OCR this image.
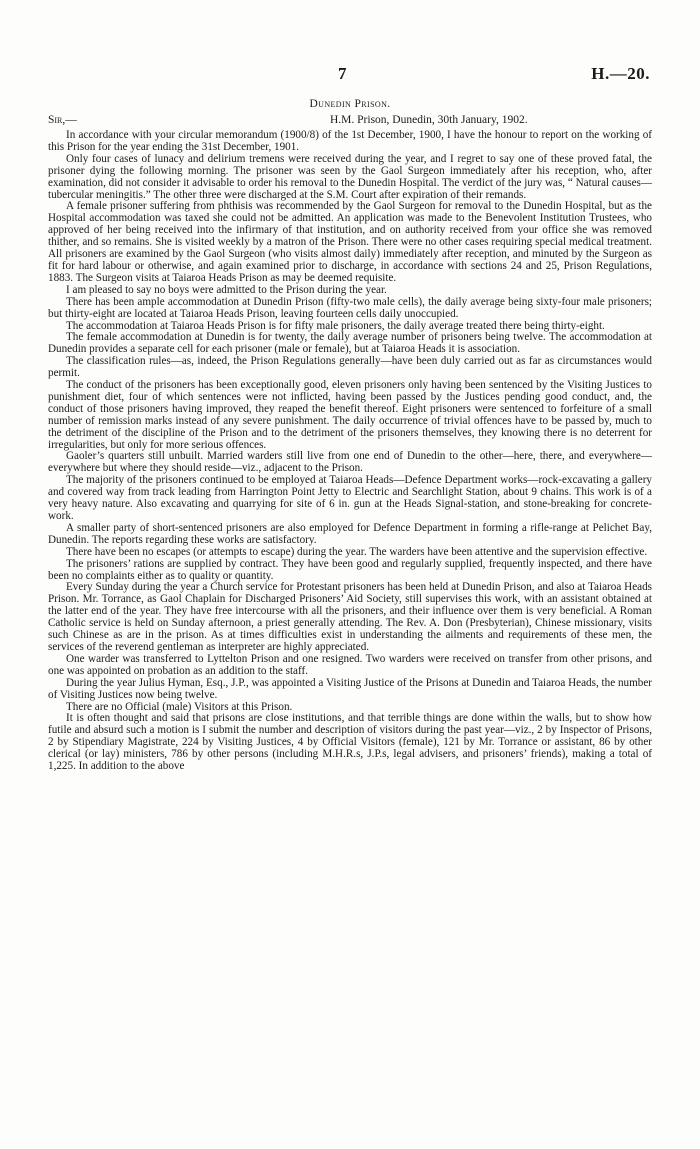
7	H.—20.
Dunedin Prison.
Sir,—	H.M. Prison, Dunedin, 30th January, 1902.

In accordance with your circular memorandum (1900/8) of the 1st December, 1900, I have the honour to report on the working of this Prison for the year ending the 31st December, 1901.

Only four cases of lunacy and delirium tremens were received during the year, and I regret to say one of these proved fatal, the prisoner dying the following morning. The prisoner was seen by the Gaol Surgeon immediately after his reception, who, after examination, did not consider it advisable to order his removal to the Dunedin Hospital. The verdict of the jury was, “ Natural causes—tubercular meningitis.” The other three were discharged at the S.M. Court after expiration of their remands.

A female prisoner suffering from phthisis was recommended by the Gaol Surgeon for removal to the Dunedin Hospital, but as the Hospital accommodation was taxed she could not be admitted. An application was made to the Benevolent Institution Trustees, who approved of her being received into the infirmary of that institution, and on authority received from your office she was removed thither, and so remains. She is visited weekly by a matron of the Prison. There were no other cases requiring special medical treatment. All prisoners are examined by the Gaol Surgeon (who visits almost daily) immediately after reception, and minuted by the Surgeon as fit for hard labour or otherwise, and again examined prior to discharge, in accordance with sections 24 and 25, Prison Regulations, 1883. The Surgeon visits at Taiaroa Heads Prison as may be deemed requisite.

I am pleased to say no boys were admitted to the Prison during the year.

There has been ample accommodation at Dunedin Prison (fifty-two male cells), the daily average being sixty-four male prisoners; but thirty-eight are located at Taiaroa Heads Prison, leaving fourteen cells daily unoccupied.

The accommodation at Taiaroa Heads Prison is for fifty male prisoners, the daily average treated there being thirty-eight.

The female accommodation at Dunedin is for twenty, the daily average number of prisoners being twelve. The accommodation at Dunedin provides a separate cell for each prisoner (male or female), but at Taiaroa Heads it is association.

The classification rules—as, indeed, the Prison Regulations generally—have been duly carried out as far as circumstances would permit.

The conduct of the prisoners has been exceptionally good, eleven prisoners only having been sentenced by the Visiting Justices to punishment diet, four of which sentences were not inflicted, having been passed by the Justices pending good conduct, and, the conduct of those prisoners having improved, they reaped the benefit thereof. Eight prisoners were sentenced to forfeiture of a small number of remission marks instead of any severe punishment. The daily occurrence of trivial offences have to be passed by, much to the detriment of the discipline of the Prison and to the detriment of the prisoners themselves, they knowing there is no deterrent for irregularities, but only for more serious offences.

Gaoler’s quarters still unbuilt. Married warders still live from one end of Dunedin to the other—here, there, and everywhere—everywhere but where they should reside—viz., adjacent to the Prison.

The majority of the prisoners continued to be employed at Taiaroa Heads—Defence Department works—rock-excavating a gallery and covered way from track leading from Harrington Point Jetty to Electric and Searchlight Station, about 9 chains. This work is of a very heavy nature. Also excavating and quarrying for site of 6 in. gun at the Heads Signal-station, and stone-breaking for concrete-work.

A smaller party of short-sentenced prisoners are also employed for Defence Department in forming a rifle-range at Pelichet Bay, Dunedin. The reports regarding these works are satisfactory.

There have been no escapes (or attempts to escape) during the year. The warders have been attentive and the supervision effective.

The prisoners’ rations are supplied by contract. They have been good and regularly supplied, frequently inspected, and there have been no complaints either as to quality or quantity.

Every Sunday during the year a Church service for Protestant prisoners has been held at Dunedin Prison, and also at Taiaroa Heads Prison. Mr. Torrance, as Gaol Chaplain for Discharged Prisoners’ Aid Society, still supervises this work, with an assistant obtained at the latter end of the year. They have free intercourse with all the prisoners, and their influence over them is very beneficial. A Roman Catholic service is held on Sunday afternoon, a priest generally attending. The Rev. A. Don (Presbyterian), Chinese missionary, visits such Chinese as are in the prison. As at times difficulties exist in understanding the ailments and requirements of these men, the services of the reverend gentleman as interpreter are highly appreciated.

One warder was transferred to Lyttelton Prison and one resigned. Two warders were received on transfer from other prisons, and one was appointed on probation as an addition to the staff.

During the year Julius Hyman, Esq., J.P., was appointed a Visiting Justice of the Prisons at Dunedin and Taiaroa Heads, the number of Visiting Justices now being twelve.

There are no Official (male) Visitors at this Prison.

It is often thought and said that prisons are close institutions, and that terrible things are done within the walls, but to show how futile and absurd such a motion is I submit the number and description of visitors during the past year—viz., 2 by Inspector of Prisons, 2 by Stipendiary Magistrate, 224 by Visiting Justices, 4 by Official Visitors (female), 121 by Mr. Torrance or assistant, 86 by other clerical (or lay) ministers, 786 by other persons (including M.H.R.s, J.P.s, legal advisers, and prisoners’ friends), making a total of 1,225. In addition to the above
